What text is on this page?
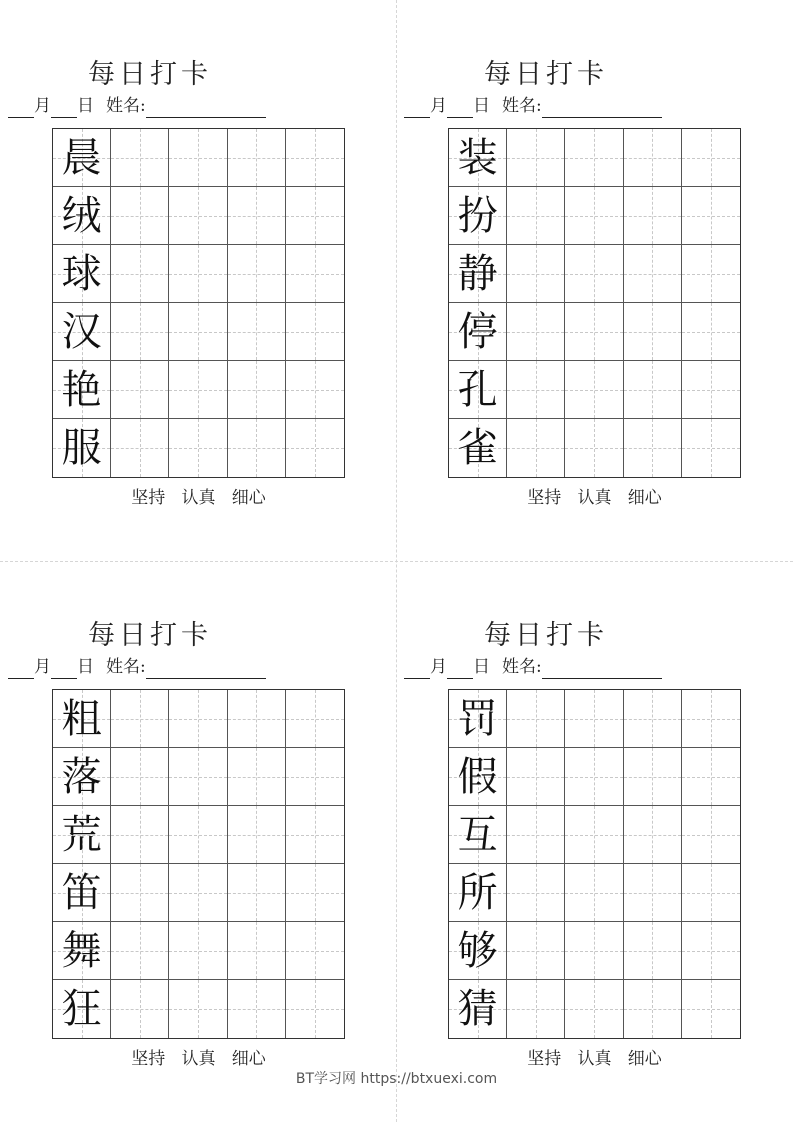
每日打卡
月 日 姓名:
晨
绒
球
汉
艳
服
坚持   认真   细心
每日打卡
月 日 姓名:
装
扮
静
停
孔
雀
坚持   认真   细心
每日打卡
月 日 姓名:
粗
落
荒
笛
舞
狂
坚持   认真   细心
每日打卡
月 日 姓名:
罚
假
互
所
够
猜
坚持   认真   细心
BT学习网 https://btxuexi.com
